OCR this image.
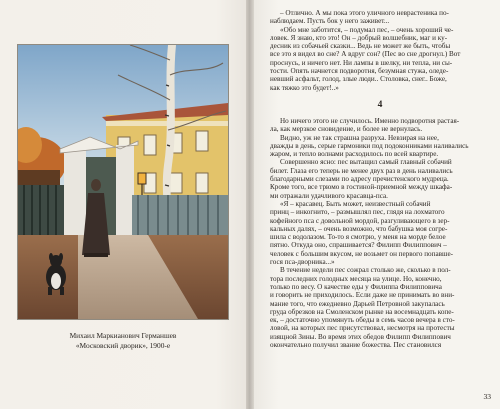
Михаил Маркианович Германшев
«Московский дворик», 1900-е
– Отлично. А мы пока этого уличного неврастеника по-
наблюдаем. Пусть бок у него заживет...
«Обо мне заботится, – подумал пес, – очень хороший че-
ловек. Я знаю, кто это! Он – добрый волшебник, маг и ку-
десник из собачьей сказки... Ведь не может же быть, чтобы
все это я видел во сне? А вдруг сон? (Пес во сне дрогнул.) Вот
проснусь, и ничего нет. Ни лампы в шелку, ни тепла, ни сы-
тости. Опять начнется подворотня, безумная стужа, оледе-
невший асфальт, голод, злые люди.. Столовка, снег.. Боже,
как тяжко это будет!..»
4
Но ничего этого не случилось. Именно подворотня растая-
ла, как мерзкое сновидение, и более не вернулась.
Видно, уж не так страшна разруха. Невзирая на нее,
дважды в день, серые гармоники под подоконниками наливались
жаром, и тепло волнами расходилось по всей квартире.
Совершенно ясно: пес вытащил самый главный собачий
билет. Глаза его теперь не менее двух раз в день наливались
благодарными слезами по адресу пречистенского мудреца.
Кроме того, все трюмо в гостиной-приемной между шкафа-
ми отражали удачливого красавца-пса.
«Я – красавец. Быть может, неизвестный собачий
принц – инкогнито, – размышлял пес, глядя на лохматого
кофейного пса с довольной мордой, разгуливающего в зер-
кальных далях, – очень возможно, что бабушка моя согре-
шила с водолазом. То-то я смотрю, у меня на морде белое
пятно. Откуда оно, спрашивается? Филипп Филиппович –
человек с большим вкусом, не возьмет он первого попавше-
гося пса-дворника...»
В течение недели пес сожрал столько же, сколько в пол-
тора последних голодных месяца на улице. Но, конечно,
только по весу. О качестве еды у Филиппа Филипповича
и говорить не приходилось. Если даже не принимать во вни-
мание того, что ежедневно Дарьей Петровной закупалась
груда обрезков на Смоленском рынке на восемнадцать копе-
ек, – достаточно упомянуть обеды в семь часов вечера в сто-
ловой, на которых пес присутствовал, несмотря на протесты
изящной Зины. Во время этих обедов Филипп Филиппович
окончательно получил звание божества. Пес становился
33
